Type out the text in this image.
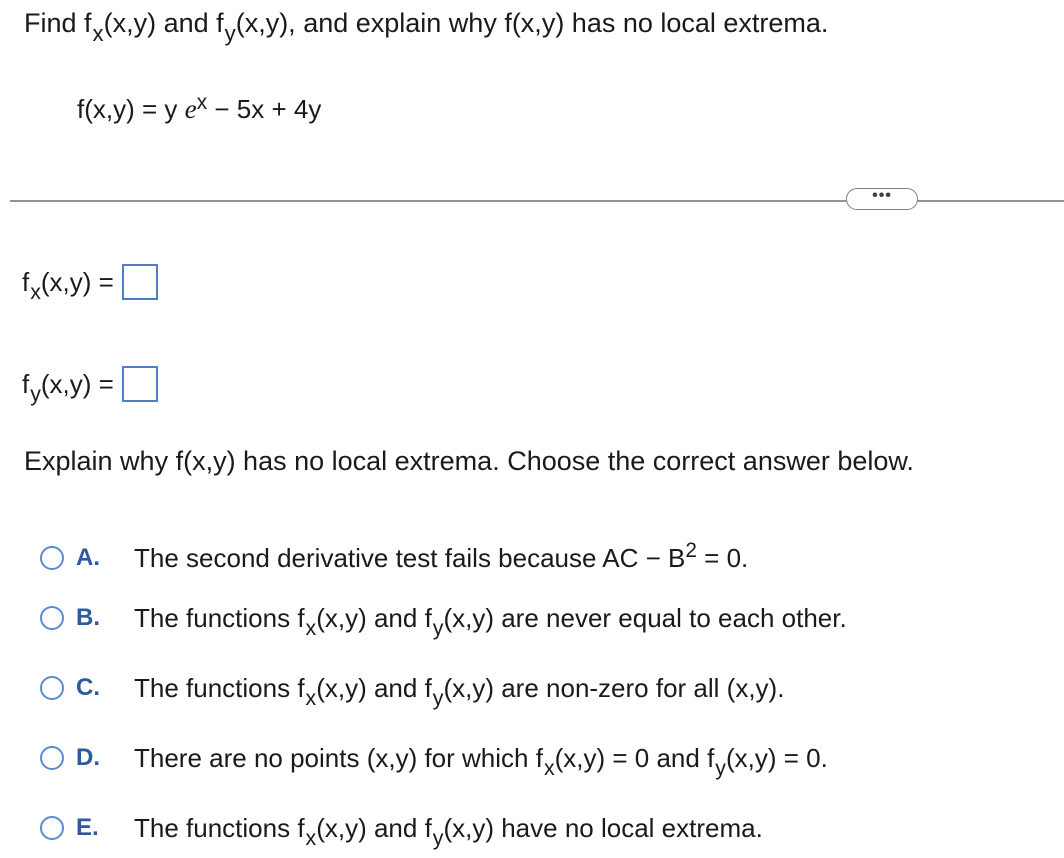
Find $f_x(x,y)$ and $f_y(x,y)$, and explain why f(x,y) has no local extrema.
f(x,y) = y $e^x - 5x + 4y$
•••
$f_x(x,y)$ =
$f_y(x,y)$ =
Explain why f(x,y) has no local extrema. Choose the correct answer below.
A.	The second derivative test fails because AC − $B^2 = 0$.
B.	The functions $f_x(x,y)$ and $f_y(x,y)$ are never equal to each other.
C.	The functions $f_x(x,y)$ and $f_y(x,y)$ are non-zero for all (x,y).
D.	There are no points (x,y) for which $f_x(x,y) = 0$ and $f_y(x,y) = 0$.
E.	The functions $f_x(x,y)$ and $f_y(x,y)$ have no local extrema.
